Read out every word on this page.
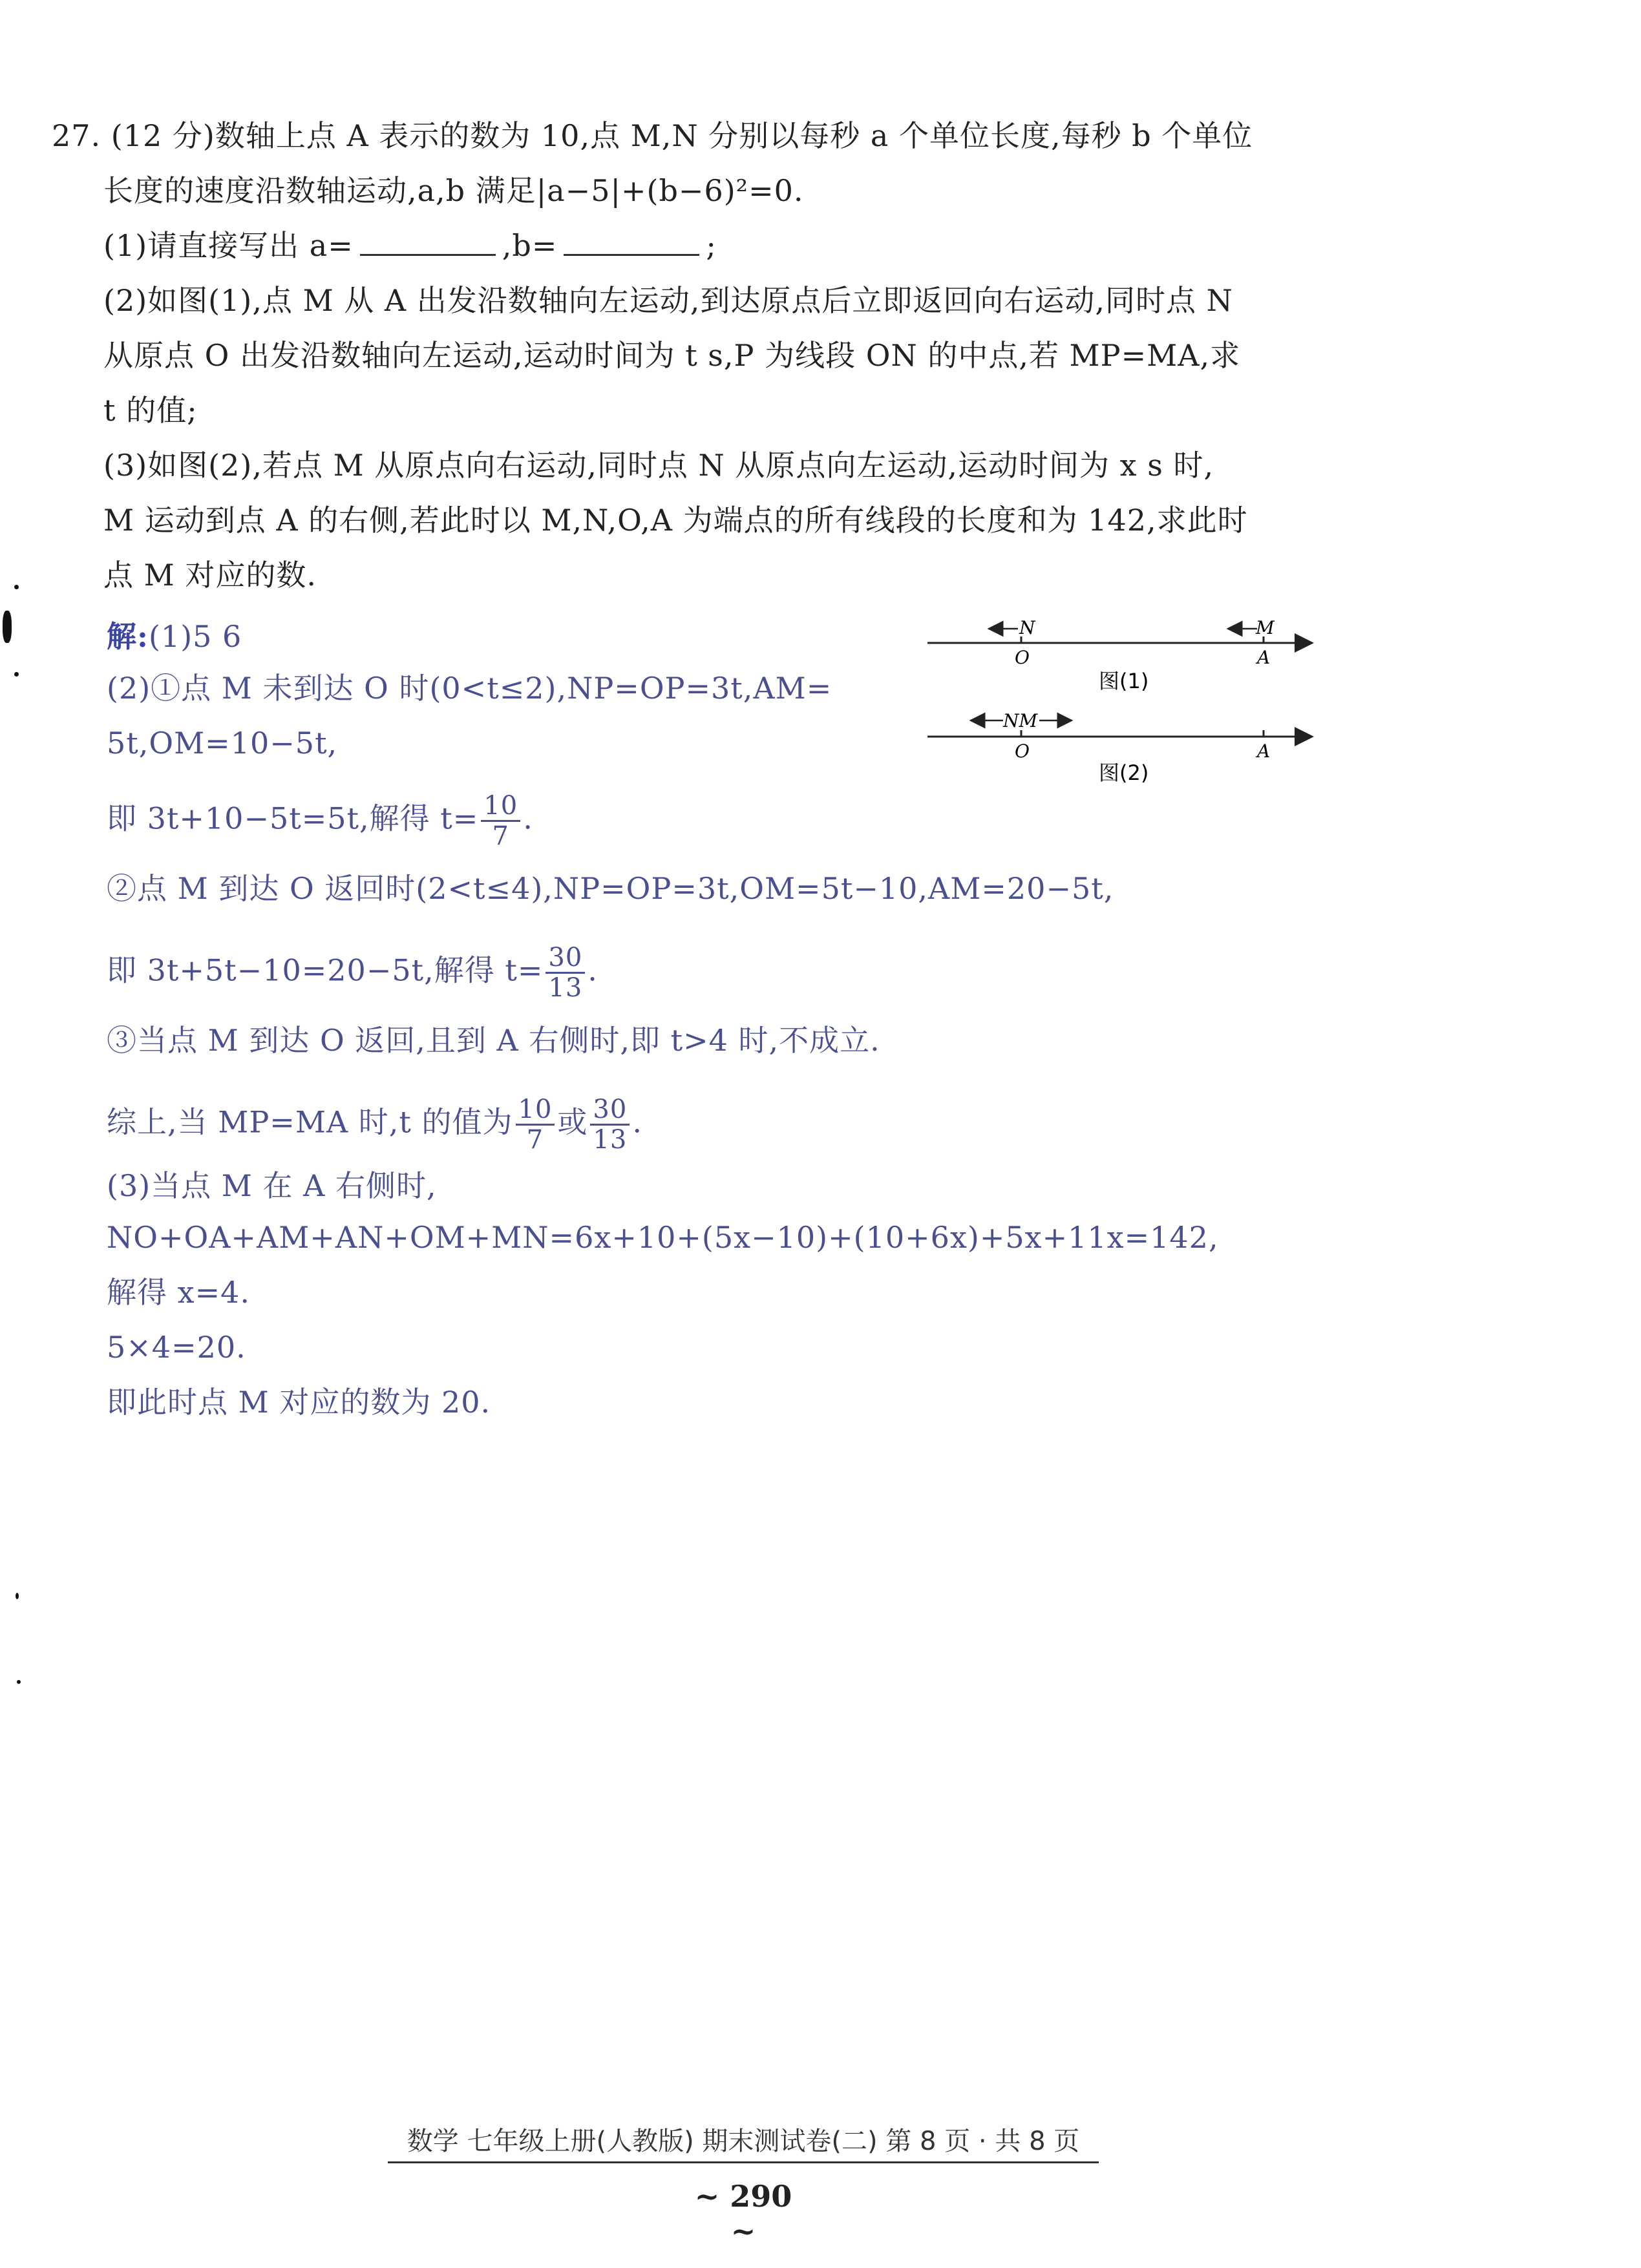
27. (12 分)数轴上点 A 表示的数为 10,点 M,N 分别以每秒 a 个单位长度,每秒 b 个单位
长度的速度沿数轴运动,a,b 满足|a−5|+(b−6)²=0.
(1)请直接写出 a=	,b=	;
(2)如图(1),点 M 从 A 出发沿数轴向左运动,到达原点后立即返回向右运动,同时点 N
从原点 O 出发沿数轴向左运动,运动时间为 t s,P 为线段 ON 的中点,若 MP=MA,求
t 的值;
(3)如图(2),若点 M 从原点向右运动,同时点 N 从原点向左运动,运动时间为 x s 时,
M 运动到点 A 的右侧,若此时以 M,N,O,A 为端点的所有线段的长度和为 142,求此时
点 M 对应的数.
解:(1)5 6
(2)①点 M 未到达 O 时(0<t≤2),NP=OP=3t,AM=
5t,OM=10−5t,
即 3t+10−5t=5t,解得 $t= \frac{10}{7}$ .
②点 M 到达 O 返回时(2<t≤4),NP=OP=3t,OM=5t−10,AM=20−5t,
即 3t+5t−10=20−5t,解得 $t= \frac{30}{13}$ .
③当点 M 到达 O 返回,且到 A 右侧时,即 t>4 时,不成立.
综上,当 MP=MA 时,t 的值为 $\frac{10}{7}$ 或 $\frac{30}{13}$ .
(3)当点 M 在 A 右侧时,
NO+OA+AM+AN+OM+MN=6x+10+(5x−10)+(10+6x)+5x+11x=142,
解得 x=4.
5×4=20.
即此时点 M 对应的数为 20.
N	M
O	A
图(1)
NM
O	A
图(2)
数学 七年级上册(人教版) 期末测试卷(二) 第 8 页 · 共 8 页
~ 290 ~
